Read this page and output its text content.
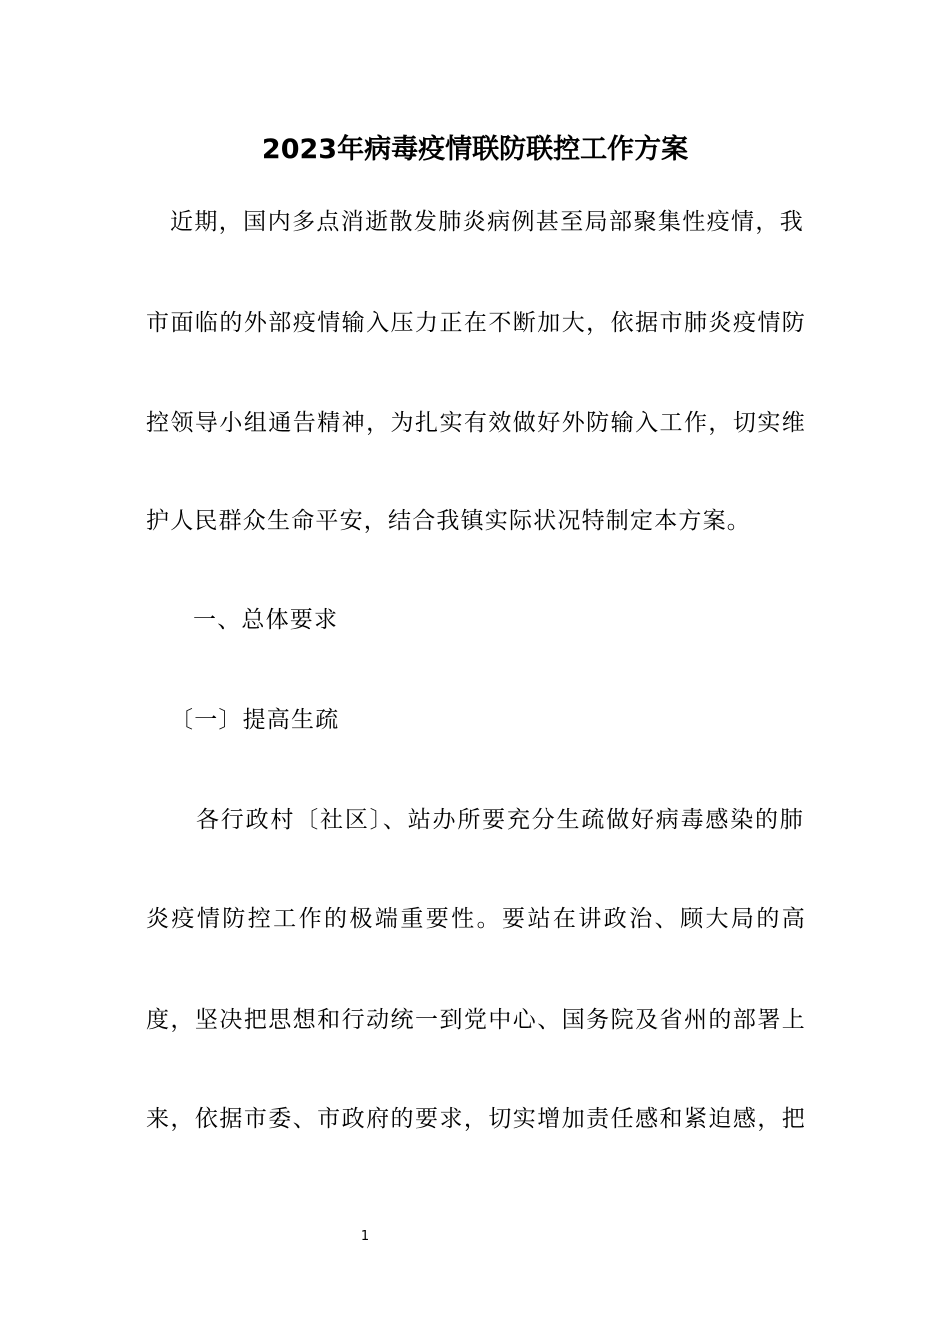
2023年病毒疫情联防联控工作方案
近期，国内多点消逝散发肺炎病例甚至局部聚集性疫情，我
市面临的外部疫情输入压力正在不断加大，依据市肺炎疫情防
控领导小组通告精神，为扎实有效做好外防输入工作，切实维
护人民群众生命平安，结合我镇实际状况特制定本方案。
一、总体要求
〔一〕提高生疏
各行政村〔社区〕、站办所要充分生疏做好病毒感染的肺
炎疫情防控工作的极端重要性。要站在讲政治、顾大局的高
度，坚决把思想和行动统一到党中心、国务院及省州的部署上
来，依据市委、市政府的要求，切实增加责任感和紧迫感，把
1
